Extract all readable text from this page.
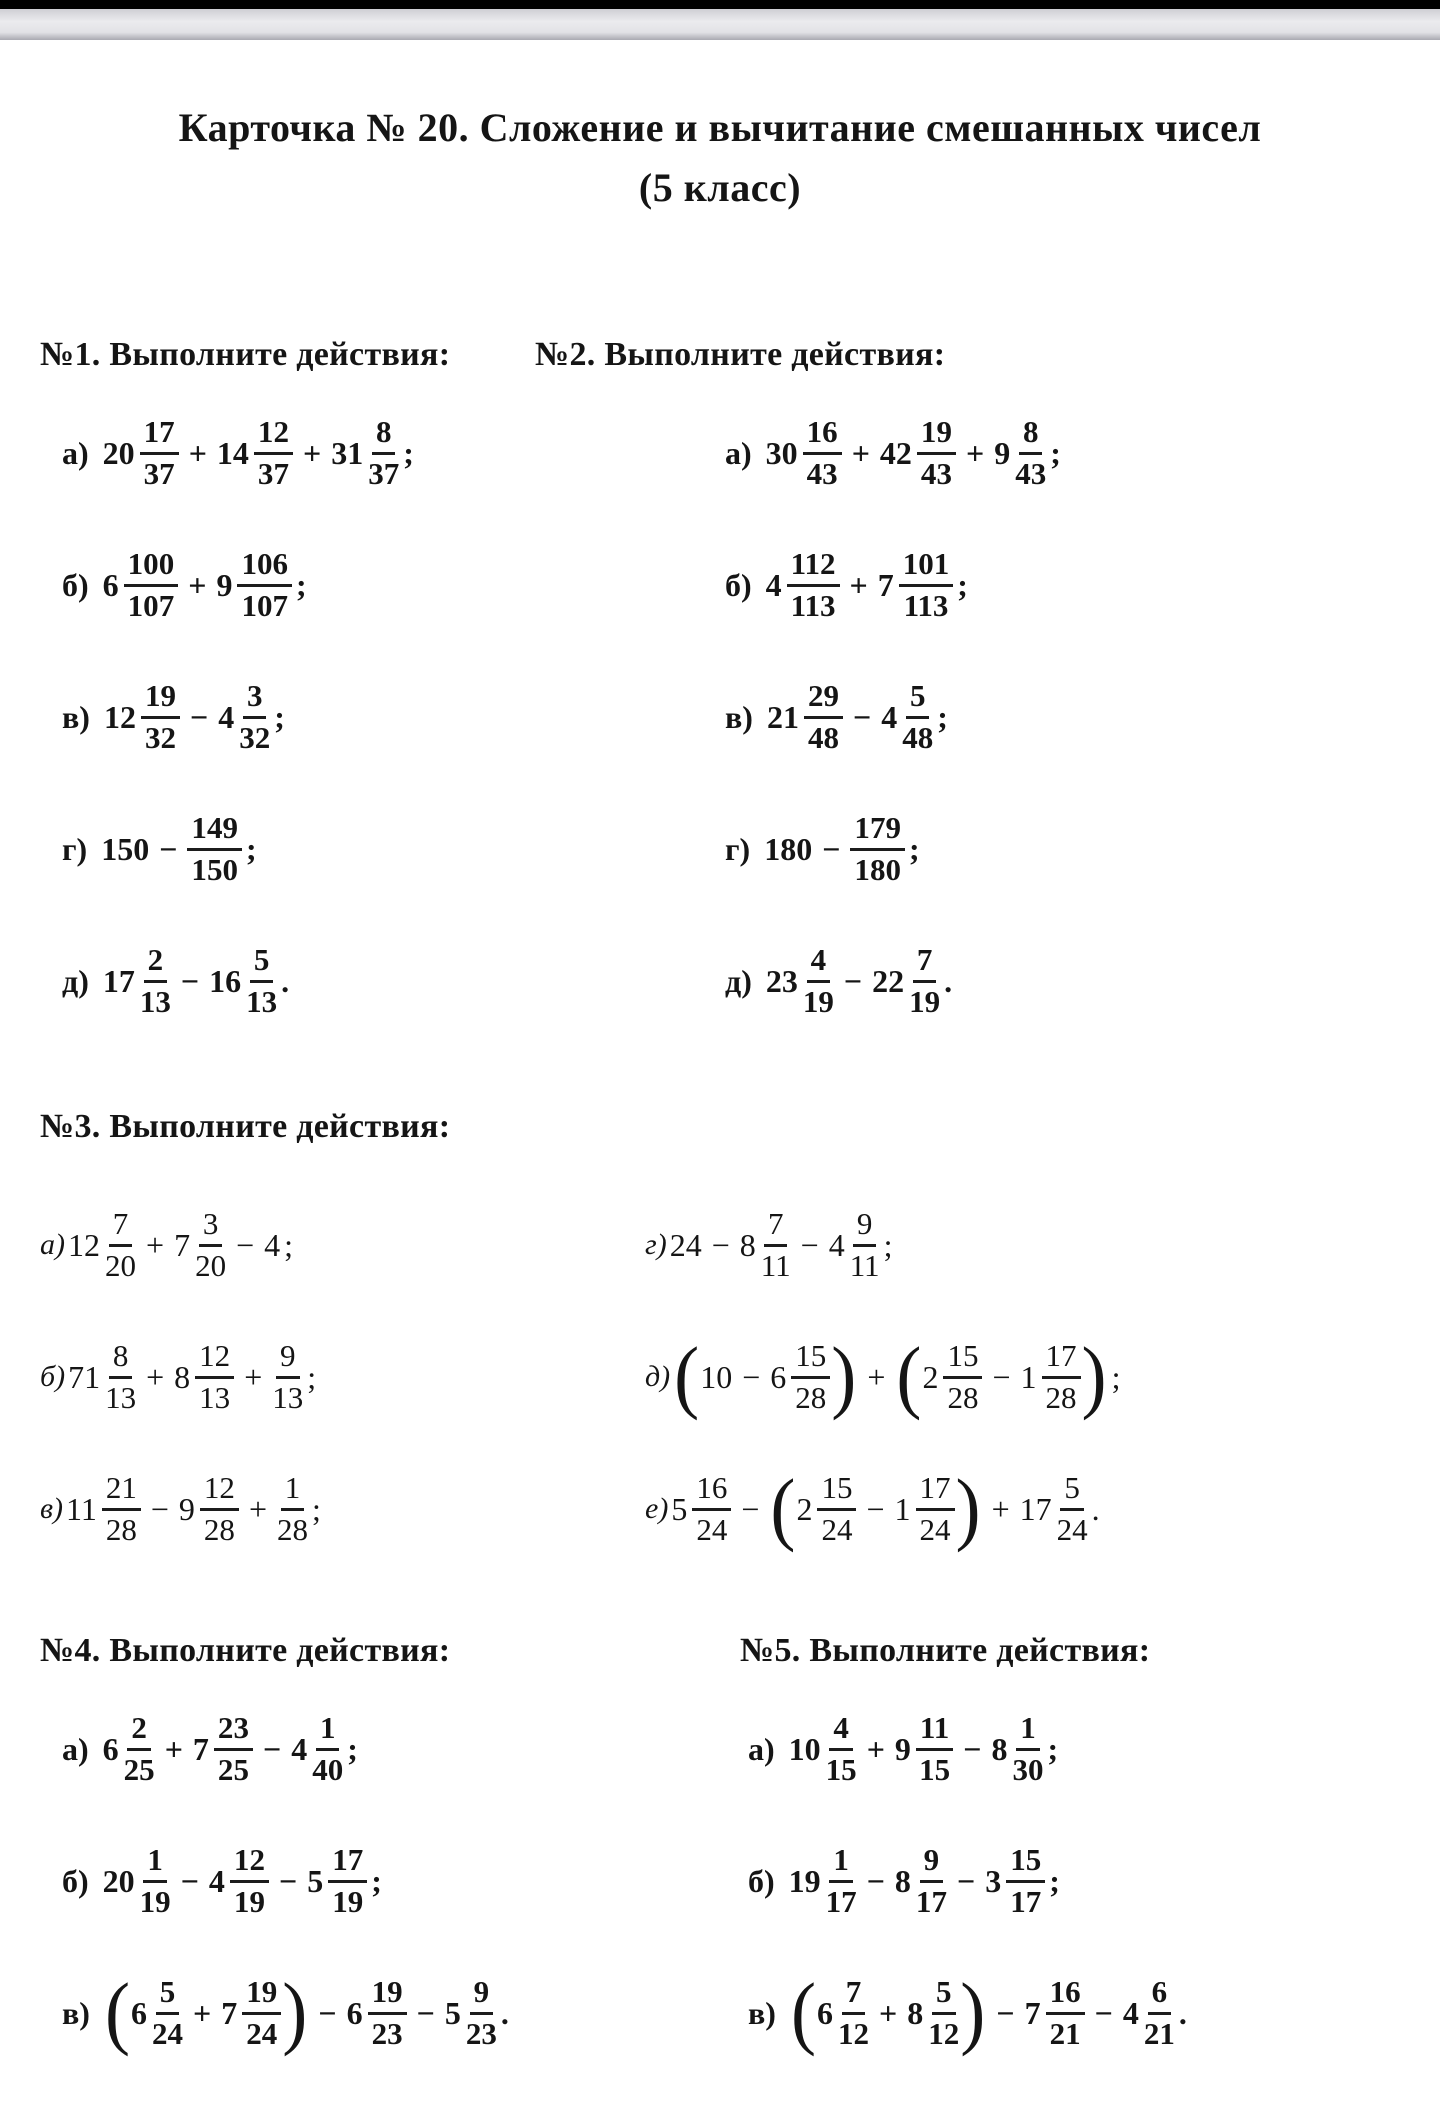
Карточка № 20. Сложение и вычитание смешанных чисел
(5 класс)
№1. Выполните действия:
а) $20 \frac{17}{37} + 14 \frac{12}{37} + 31 \frac{8}{37}$ ;
б) $6 \frac{100}{107} + 9 \frac{106}{107}$ ;
в) $12 \frac{19}{32} - 4 \frac{3}{32}$ ;
г) $150 - \frac{149}{150}$ ;
д) $17 \frac{2}{13} - 16 \frac{5}{13}$ .
№2. Выполните действия:
а) $30 \frac{16}{43} + 42 \frac{19}{43} + 9 \frac{8}{43}$ ;
б) $4 \frac{112}{113} + 7 \frac{101}{113}$ ;
в) $21 \frac{29}{48} - 4 \frac{5}{48}$ ;
г) $180 - \frac{179}{180}$ ;
д) $23 \frac{4}{19} - 22 \frac{7}{19}$ .
№3. Выполните действия:
а) $12 \frac{7}{20} + 7 \frac{3}{20} - 4$ ;
б) $71 \frac{8}{13} + 8 \frac{12}{13} + \frac{9}{13}$ ;
в) $11 \frac{21}{28} - 9 \frac{12}{28} + \frac{1}{28}$ ;
г) $24 - 8 \frac{7}{11} - 4 \frac{9}{11}$ ;
д) ( $10 - 6 \frac{15}{28}$ ) + ( $2 \frac{15}{28} - 1 \frac{17}{28}$ ) ;
е) $5 \frac{16}{24}$ − ( $2 \frac{15}{24} - 1 \frac{17}{24}$ ) + $17 \frac{5}{24}$ .
№4. Выполните действия:
а) $6 \frac{2}{25} + 7 \frac{23}{25} - 4 \frac{1}{40}$ ;
б) $20 \frac{1}{19} - 4 \frac{12}{19} - 5 \frac{17}{19}$ ;
в) ( $6 \frac{5}{24} + 7 \frac{19}{24}$ ) − $6 \frac{19}{23} - 5 \frac{9}{23}$ .
№5. Выполните действия:
а) $10 \frac{4}{15} + 9 \frac{11}{15} - 8 \frac{1}{30}$ ;
б) $19 \frac{1}{17} - 8 \frac{9}{17} - 3 \frac{15}{17}$ ;
в) ( $6 \frac{7}{12} + 8 \frac{5}{12}$ ) − $7 \frac{16}{21} - 4 \frac{6}{21}$ .
